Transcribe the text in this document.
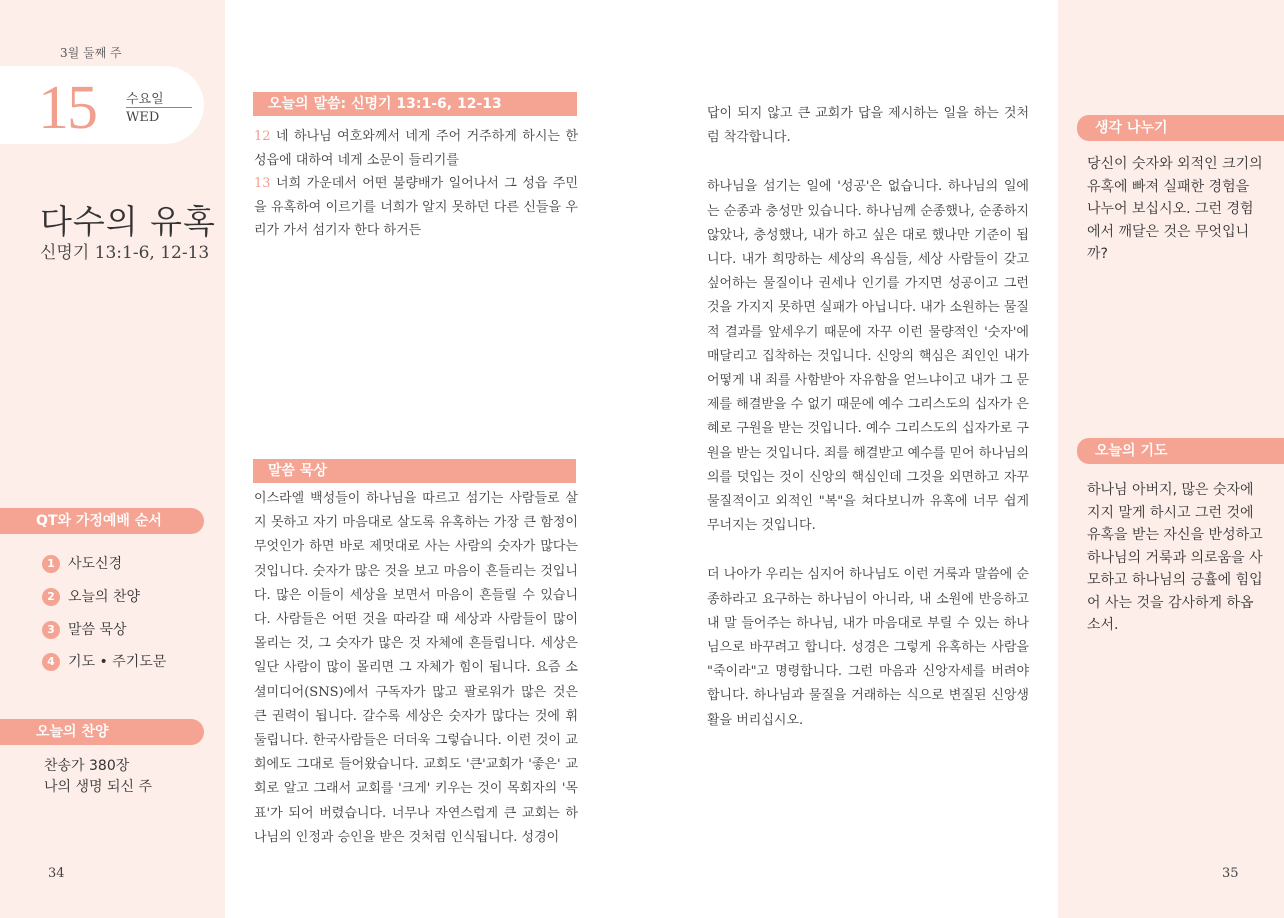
3월 둘째 주
15 수요일
WED
다수의 유혹
신명기 13:1-6, 12-13
QT와 가정예배 순서
1 사도신경
2 오늘의 찬양
3 말씀 묵상
4 기도 • 주기도문
오늘의 찬양
찬송가 380장
나의 생명 되신 주
34	35
오늘의 말씀: 신명기 13:1-6, 12-13

12 네 하나님 여호와께서 네게 주어 거주하게 하시는 한 성읍에 대하여 네게 소문이 들리기를

13 너희 가운데서 어떤 불량배가 일어나서 그 성읍 주민을 유혹하여 이르기를 너희가 알지 못하던 다른 신들을 우리가 가서 섬기자 한다 하거든

말씀 묵상

이스라엘 백성들이 하나님을 따르고 섬기는 사람들로 살지 못하고 자기 마음대로 살도록 유혹하는 가장 큰 함정이 무엇인가 하면 바로 제멋대로 사는 사람의 숫자가 많다는 것입니다. 숫자가 많은 것을 보고 마음이 흔들리는 것입니다. 많은 이들이 세상을 보면서 마음이 흔들릴 수 있습니다. 사람들은 어떤 것을 따라갈 때 세상과 사람들이 많이 몰리는 것, 그 숫자가 많은 것 자체에 흔들립니다. 세상은 일단 사람이 많이 몰리면 그 자체가 힘이 됩니다. 요즘 소셜미디어(SNS)에서 구독자가 많고 팔로워가 많은 것은 큰 권력이 됩니다. 갈수록 세상은 숫자가 많다는 것에 휘둘립니다. 한국사람들은 더더욱 그렇습니다. 이런 것이 교회에도 그대로 들어왔습니다. 교회도 '큰'교회가 '좋은' 교회로 알고 그래서 교회를 '크게' 키우는 것이 목회자의 '목표'가 되어 버렸습니다. 너무나 자연스럽게 큰 교회는 하나님의 인정과 승인을 받은 것처럼 인식됩니다. 성경이

답이 되지 않고 큰 교회가 답을 제시하는 일을 하는 것처럼 착각합니다.

하나님을 섬기는 일에 '성공'은 없습니다. 하나님의 일에는 순종과 충성만 있습니다. 하나님께 순종했나, 순종하지 않았나, 충성했나, 내가 하고 싶은 대로 했나만 기준이 됩니다. 내가 희망하는 세상의 욕심들, 세상 사람들이 갖고 싶어하는 물질이나 권세나 인기를 가지면 성공이고 그런 것을 가지지 못하면 실패가 아닙니다. 내가 소원하는 물질적 결과를 앞세우기 때문에 자꾸 이런 물량적인 '숫자'에 매달리고 집착하는 것입니다. 신앙의 핵심은 죄인인 내가 어떻게 내 죄를 사함받아 자유함을 얻느냐이고 내가 그 문제를 해결받을 수 없기 때문에 예수 그리스도의 십자가 은혜로 구원을 받는 것입니다. 예수 그리스도의 십자가로 구원을 받는 것입니다. 죄를 해결받고 예수를 믿어 하나님의 의를 덧입는 것이 신앙의 핵심인데 그것을 외면하고 자꾸 물질적이고 외적인 "복"을 쳐다보니까 유혹에 너무 쉽게 무너지는 것입니다.

더 나아가 우리는 심지어 하나님도 이런 거룩과 말씀에 순종하라고 요구하는 하나님이 아니라, 내 소원에 반응하고 내 말 들어주는 하나님, 내가 마음대로 부릴 수 있는 하나님으로 바꾸려고 합니다. 성경은 그렇게 유혹하는 사람을 "죽이라"고 명령합니다. 그런 마음과 신앙자세를 버려야 합니다. 하나님과 물질을 거래하는 식으로 변질된 신앙생활을 버리십시오.

생각 나누기
당신이 숫자와 외적인 크기의 유혹에 빠져 실패한 경험을 나누어 보십시오. 그런 경험에서 깨달은 것은 무엇입니까?
오늘의 기도
하나님 아버지, 많은 숫자에 지지 말게 하시고 그런 것에 유혹을 받는 자신을 반성하고 하나님의 거룩과 의로움을 사모하고 하나님의 긍휼에 힘입어 사는 것을 감사하게 하옵소서.
